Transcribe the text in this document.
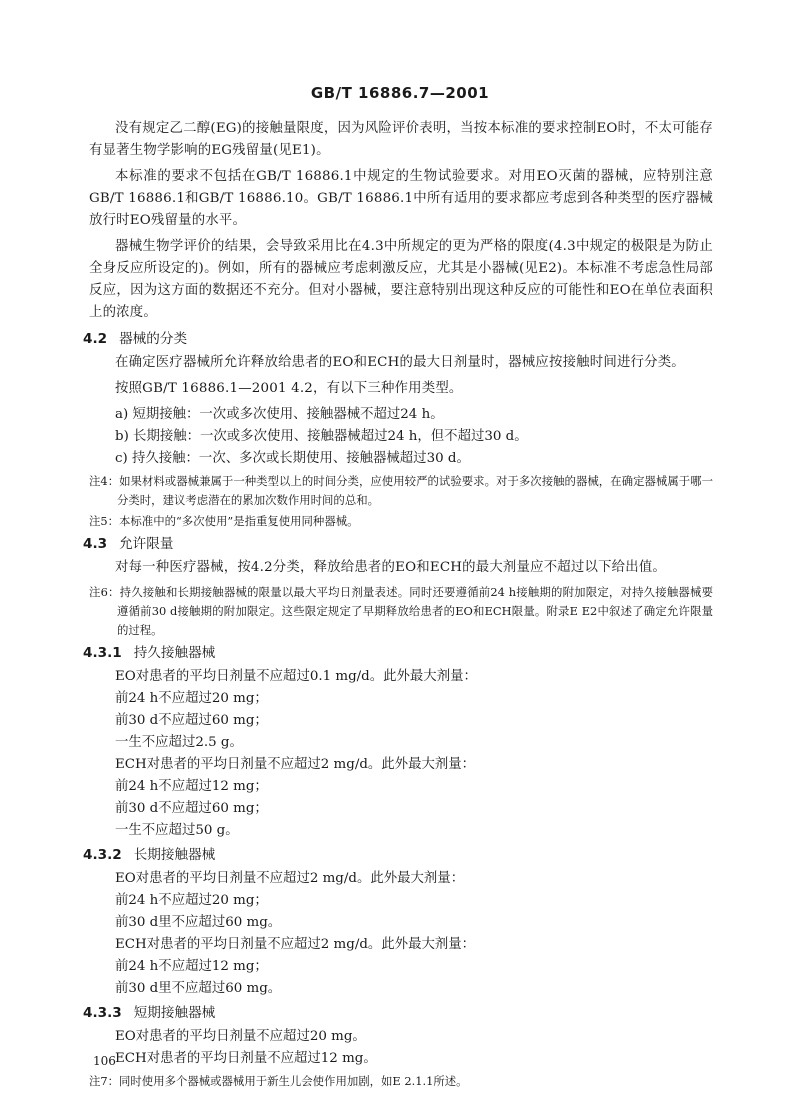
GB/T 16886.7—2001

没有规定乙二醇(EG)的接触量限度，因为风险评价表明，当按本标准的要求控制EO时，不太可能存有显著生物学影响的EG残留量(见E1)。

本标准的要求不包括在GB/T 16886.1中规定的生物试验要求。对用EO灭菌的器械，应特别注意GB/T 16886.1和GB/T 16886.10。GB/T 16886.1中所有适用的要求都应考虑到各种类型的医疗器械放行时EO残留量的水平。

器械生物学评价的结果，会导致采用比在4.3中所规定的更为严格的限度(4.3中规定的极限是为防止全身反应所设定的)。例如，所有的器械应考虑刺激反应，尤其是小器械(见E2)。本标准不考虑急性局部反应，因为这方面的数据还不充分。但对小器械，要注意特别出现这种反应的可能性和EO在单位表面积上的浓度。

4.2 器械的分类

在确定医疗器械所允许释放给患者的EO和ECH的最大日剂量时，器械应按接触时间进行分类。

按照GB/T 16886.1—2001 4.2，有以下三种作用类型。

a) 短期接触：一次或多次使用、接触器械不超过24 h。
b) 长期接触：一次或多次使用、接触器械超过24 h，但不超过30 d。
c) 持久接触：一次、多次或长期使用、接触器械超过30 d。
注4：如果材料或器械兼属于一种类型以上的时间分类，应使用较严的试验要求。对于多次接触的器械，在确定器械属于哪一分类时，建议考虑潜在的累加次数作用时间的总和。
注5：本标准中的“多次使用”是指重复使用同种器械。
4.3 允许限量

对每一种医疗器械，按4.2分类，释放给患者的EO和ECH的最大剂量应不超过以下给出值。

注6：持久接触和长期接触器械的限量以最大平均日剂量表述。同时还要遵循前24 h接触期的附加限定，对持久接触器械要遵循前30 d接触期的附加限定。这些限定规定了早期释放给患者的EO和ECH限量。附录E E2中叙述了确定允许限量的过程。
4.3.1 持久接触器械
EO对患者的平均日剂量不应超过0.1 mg/d。此外最大剂量：
前24 h不应超过20 mg；
前30 d不应超过60 mg；
一生不应超过2.5 g。
ECH对患者的平均日剂量不应超过2 mg/d。此外最大剂量：
前24 h不应超过12 mg；
前30 d不应超过60 mg；
一生不应超过50 g。
4.3.2 长期接触器械
EO对患者的平均日剂量不应超过2 mg/d。此外最大剂量：
前24 h不应超过20 mg；
前30 d里不应超过60 mg。
ECH对患者的平均日剂量不应超过2 mg/d。此外最大剂量：
前24 h不应超过12 mg；
前30 d里不应超过60 mg。
4.3.3 短期接触器械
EO对患者的平均日剂量不应超过20 mg。
ECH对患者的平均日剂量不应超过12 mg。
注7：同时使用多个器械或器械用于新生儿会使作用加剧，如E 2.1.1所述。
106
